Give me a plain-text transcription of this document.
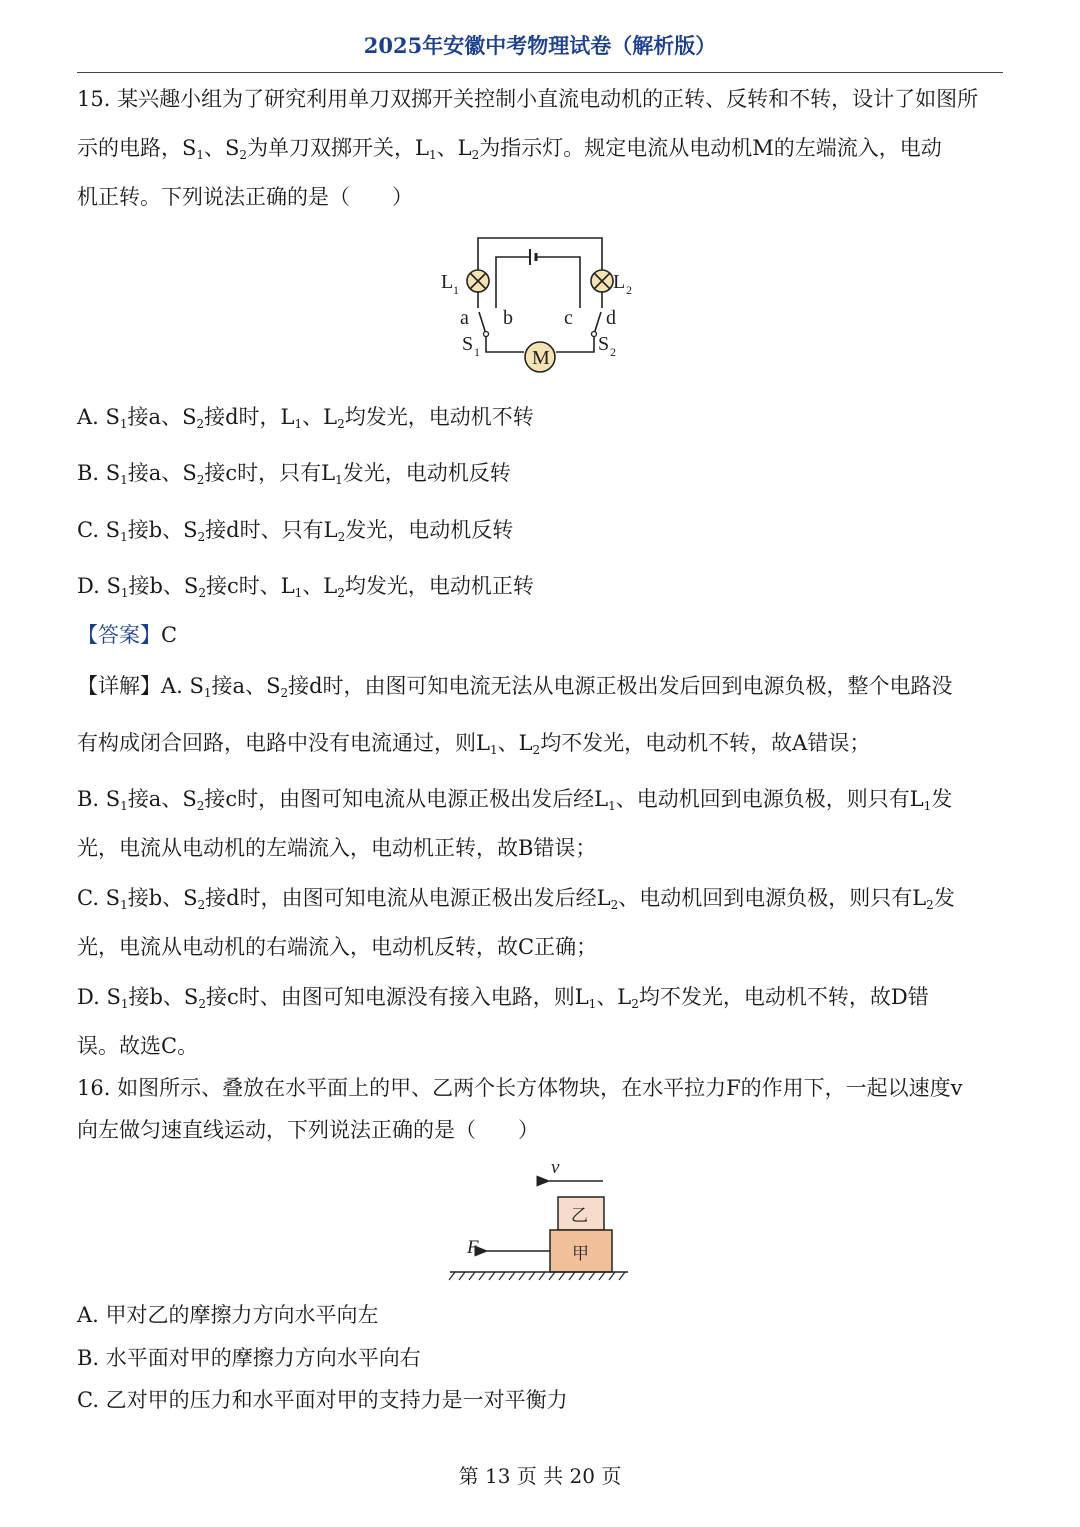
2025年安徽中考物理试卷（解析版）
15. 某兴趣小组为了研究利用单刀双掷开关控制小直流电动机的正转、反转和不转，设计了如图所
示的电路，$S_1$、$S_2$为单刀双掷开关，$L_1$、$L_2$为指示灯。规定电流从电动机M的左端流入，电动
机正转。下列说法正确的是（　　）
M
L 1	L 2
a b	c d
S 1	S 2
A. $S_1$接a、$S_2$接d时，$L_1$、$L_2$均发光，电动机不转
B. $S_1$接a、$S_2$接c时，只有$L_1$发光，电动机反转
C. $S_1$接b、$S_2$接d时、只有$L_2$发光，电动机反转
D. $S_1$接b、$S_2$接c时、$L_1$、$L_2$均发光，电动机正转
【答案】C
【详解】A. $S_1$接a、$S_2$接d时，由图可知电流无法从电源正极出发后回到电源负极，整个电路没
有构成闭合回路，电路中没有电流通过，则$L_1$、$L_2$均不发光，电动机不转，故A错误；
B. $S_1$接a、$S_2$接c时，由图可知电流从电源正极出发后经$L_1$、电动机回到电源负极，则只有$L_1$发
光，电流从电动机的左端流入，电动机正转，故B错误；
C. $S_1$接b、$S_2$接d时，由图可知电流从电源正极出发后经$L_2$、电动机回到电源负极，则只有$L_2$发
光，电流从电动机的右端流入，电动机反转，故C正确；
D. $S_1$接b、$S_2$接c时、由图可知电源没有接入电路，则$L_1$、$L_2$均不发光，电动机不转，故D错
误。故选C。
16. 如图所示、叠放在水平面上的甲、乙两个长方体物块，在水平拉力F的作用下，一起以速度v
向左做匀速直线运动，下列说法正确的是（　　）
v
乙
甲
F
A. 甲对乙的摩擦力方向水平向左
B. 水平面对甲的摩擦力方向水平向右
C. 乙对甲的压力和水平面对甲的支持力是一对平衡力
第 13 页 共 20 页
